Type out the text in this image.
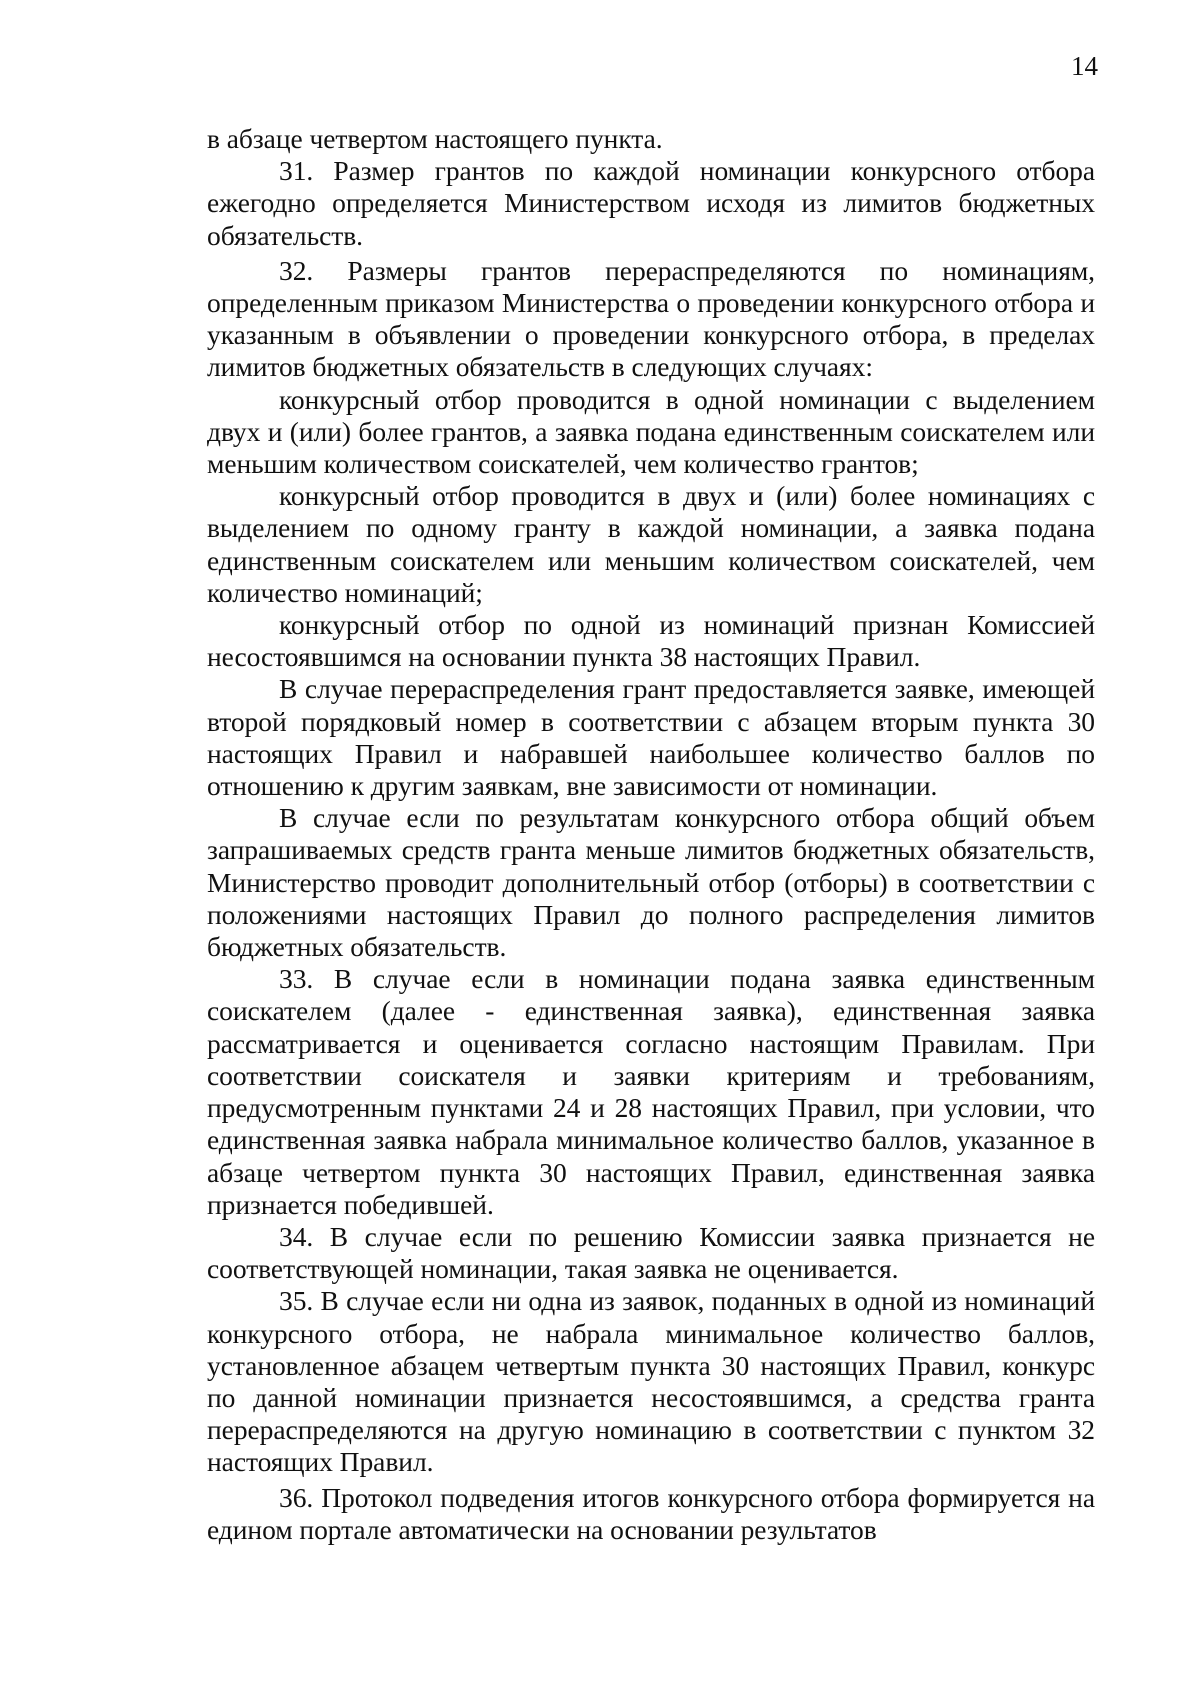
14

в абзаце четвертом настоящего пункта.

31. Размер грантов по каждой номинации конкурсного отбора ежегодно определяется Министерством исходя из лимитов бюджетных обязательств.

32. Размеры грантов перераспределяются по номинациям, определенным приказом Министерства о проведении конкурсного отбора и указанным в объявлении о проведении конкурсного отбора, в пределах лимитов бюджетных обязательств в следующих случаях:

конкурсный отбор проводится в одной номинации с выделением двух и (или) более грантов, а заявка подана единственным соискателем или меньшим количеством соискателей, чем количество грантов;

конкурсный отбор проводится в двух и (или) более номинациях с выделением по одному гранту в каждой номинации, а заявка подана единственным соискателем или меньшим количеством соискателей, чем количество номинаций;

конкурсный отбор по одной из номинаций признан Комиссией несостоявшимся на основании пункта 38 настоящих Правил.

В случае перераспределения грант предоставляется заявке, имеющей второй порядковый номер в соответствии с абзацем вторым пункта 30 настоящих Правил и набравшей наибольшее количество баллов по отношению к другим заявкам, вне зависимости от номинации.

В случае если по результатам конкурсного отбора общий объем запрашиваемых средств гранта меньше лимитов бюджетных обязательств, Министерство проводит дополнительный отбор (отборы) в соответствии с положениями настоящих Правил до полного распределения лимитов бюджетных обязательств.

33. В случае если в номинации подана заявка единственным соискателем (далее - единственная заявка), единственная заявка рассматривается и оценивается согласно настоящим Правилам. При соответствии соискателя и заявки критериям и требованиям, предусмотренным пунктами 24 и 28 настоящих Правил, при условии, что единственная заявка набрала минимальное количество баллов, указанное в абзаце четвертом пункта 30 настоящих Правил, единственная заявка признается победившей.

34. В случае если по решению Комиссии заявка признается не соответствующей номинации, такая заявка не оценивается.

35. В случае если ни одна из заявок, поданных в одной из номинаций конкурсного отбора, не набрала минимальное количество баллов, установленное абзацем четвертым пункта 30 настоящих Правил, конкурс по данной номинации признается несостоявшимся, а средства гранта перераспределяются на другую номинацию в соответствии с пунктом 32 настоящих Правил.

36. Протокол подведения итогов конкурсного отбора формируется на едином портале автоматически на основании результатов
